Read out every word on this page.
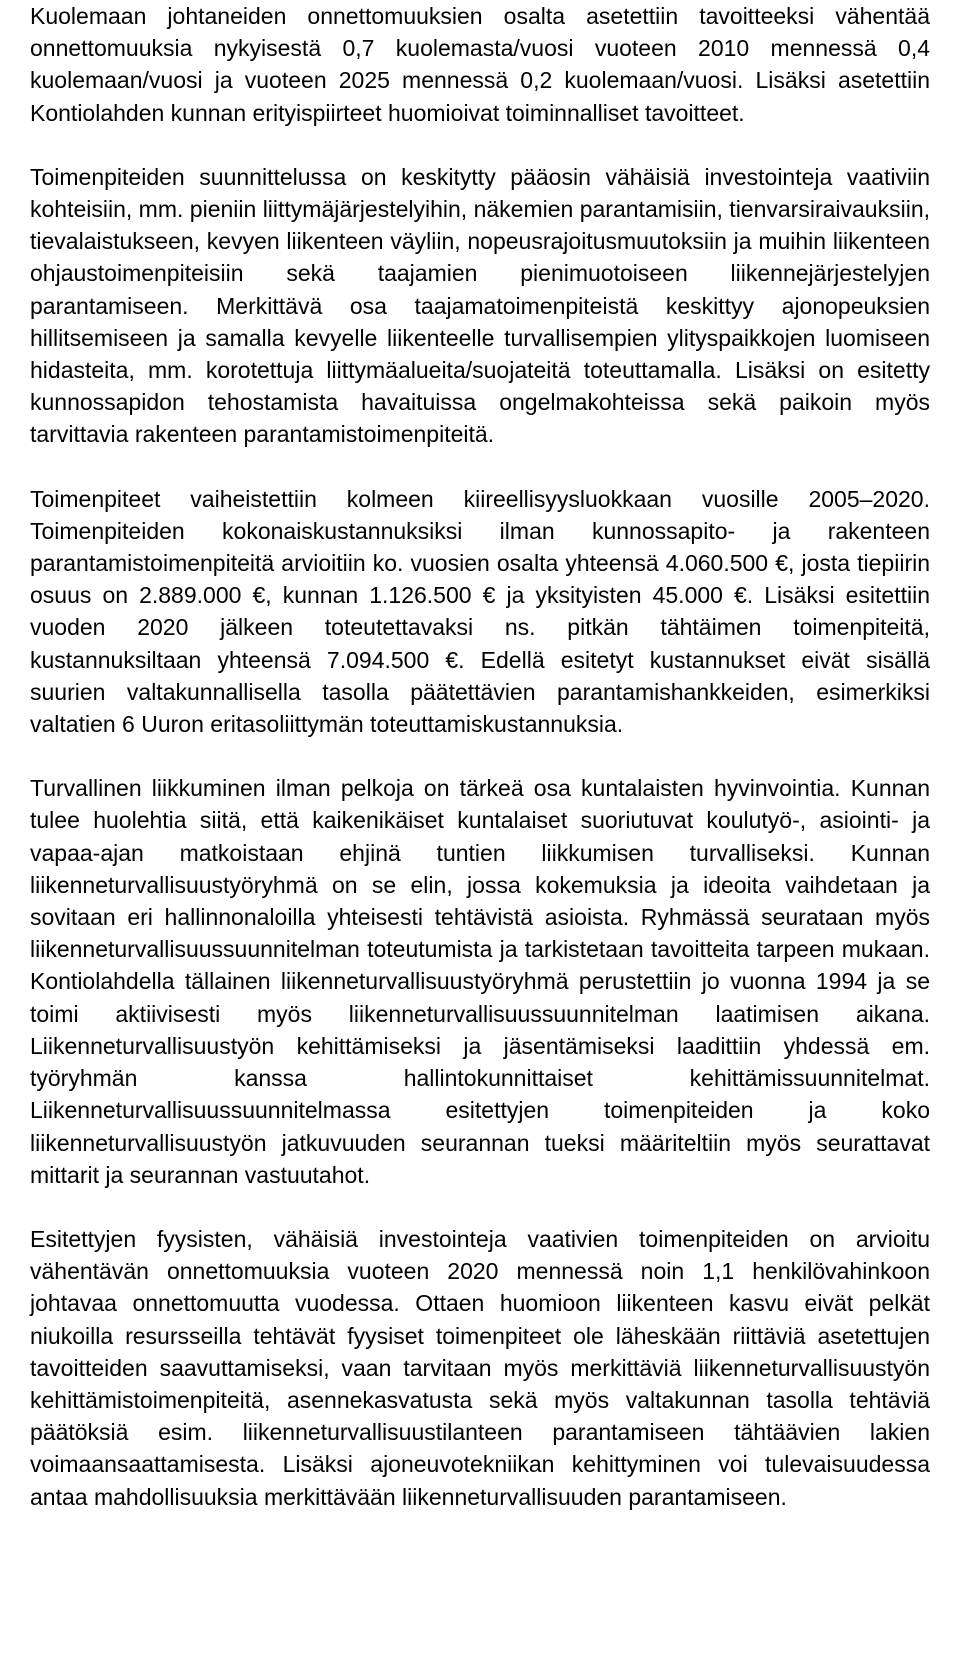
Kuolemaan johtaneiden onnettomuuksien osalta asetettiin tavoitteeksi vähentää onnettomuuksia nykyisestä 0,7 kuolemasta/vuosi vuoteen 2010 mennessä 0,4 kuolemaan/vuosi ja vuoteen 2025 mennessä 0,2 kuolemaan/vuosi. Lisäksi asetettiin Kontiolahden kunnan erityispiirteet huomioivat toiminnalliset tavoitteet.

Toimenpiteiden suunnittelussa on keskitytty pääosin vähäisiä investointeja vaativiin kohteisiin, mm. pieniin liittymäjärjestelyihin, näkemien parantamisiin, tienvarsiraivauksiin, tievalaistukseen, kevyen liikenteen väyliin, nopeusrajoitusmuutoksiin ja muihin liikenteen ohjaustoimenpiteisiin sekä taajamien pienimuotoiseen liikennejärjestelyjen parantamiseen. Merkittävä osa taajamatoimenpiteistä keskittyy ajonopeuksien hillitsemiseen ja samalla kevyelle liikenteelle turvallisempien ylityspaikkojen luomiseen hidasteita, mm. korotettuja liittymäalueita/suojateitä toteuttamalla. Lisäksi on esitetty kunnossapidon tehostamista havaituissa ongelmakohteissa sekä paikoin myös tarvittavia rakenteen parantamistoimenpiteitä.

Toimenpiteet vaiheistettiin kolmeen kiireellisyysluokkaan vuosille 2005–2020. Toimenpiteiden kokonaiskustannuksiksi ilman kunnossapito- ja rakenteen parantamistoimenpiteitä arvioitiin ko. vuosien osalta yhteensä 4.060.500 €, josta tiepiirin osuus on 2.889.000 €, kunnan 1.126.500 € ja yksityisten 45.000 €. Lisäksi esitettiin vuoden 2020 jälkeen toteutettavaksi ns. pitkän tähtäimen toimenpiteitä, kustannuksiltaan yhteensä 7.094.500 €. Edellä esitetyt kustannukset eivät sisällä suurien valtakunnallisella tasolla päätettävien parantamishankkeiden, esimerkiksi valtatien 6 Uuron eritasoliittymän toteuttamiskustannuksia.

Turvallinen liikkuminen ilman pelkoja on tärkeä osa kuntalaisten hyvinvointia. Kunnan tulee huolehtia siitä, että kaikenikäiset kuntalaiset suoriutuvat koulutyö-, asiointi- ja vapaa-ajan matkoistaan ehjinä tuntien liikkumisen turvalliseksi. Kunnan liikenneturvallisuustyöryhmä on se elin, jossa kokemuksia ja ideoita vaihdetaan ja sovitaan eri hallinnonaloilla yhteisesti tehtävistä asioista. Ryhmässä seurataan myös liikenneturvallisuussuunnitelman toteutumista ja tarkistetaan tavoitteita tarpeen mukaan. Kontiolahdella tällainen liikenneturvallisuustyöryhmä perustettiin jo vuonna 1994 ja se toimi aktiivisesti myös liikenneturvallisuussuunnitelman laatimisen aikana. Liikenneturvallisuustyön kehittämiseksi ja jäsentämiseksi laadittiin yhdessä em. työryhmän kanssa hallintokunnittaiset kehittämissuunnitelmat. Liikenneturvallisuussuunnitelmassa esitettyjen toimenpiteiden ja koko liikenneturvallisuustyön jatkuvuuden seurannan tueksi määriteltiin myös seurattavat mittarit ja seurannan vastuutahot.

Esitettyjen fyysisten, vähäisiä investointeja vaativien toimenpiteiden on arvioitu vähentävän onnettomuuksia vuoteen 2020 mennessä noin 1,1 henkilövahinkoon johtavaa onnettomuutta vuodessa. Ottaen huomioon liikenteen kasvu eivät pelkät niukoilla resursseilla tehtävät fyysiset toimenpiteet ole läheskään riittäviä asetettujen tavoitteiden saavuttamiseksi, vaan tarvitaan myös merkittäviä liikenneturvallisuustyön kehittämistoimenpiteitä, asennekasvatusta sekä myös valtakunnan tasolla tehtäviä päätöksiä esim. liikenneturvallisuustilanteen parantamiseen tähtäävien lakien voimaansaattamisesta. Lisäksi ajoneuvotekniikan kehittyminen voi tulevaisuudessa antaa mahdollisuuksia merkittävään liikenneturvallisuuden parantamiseen.
